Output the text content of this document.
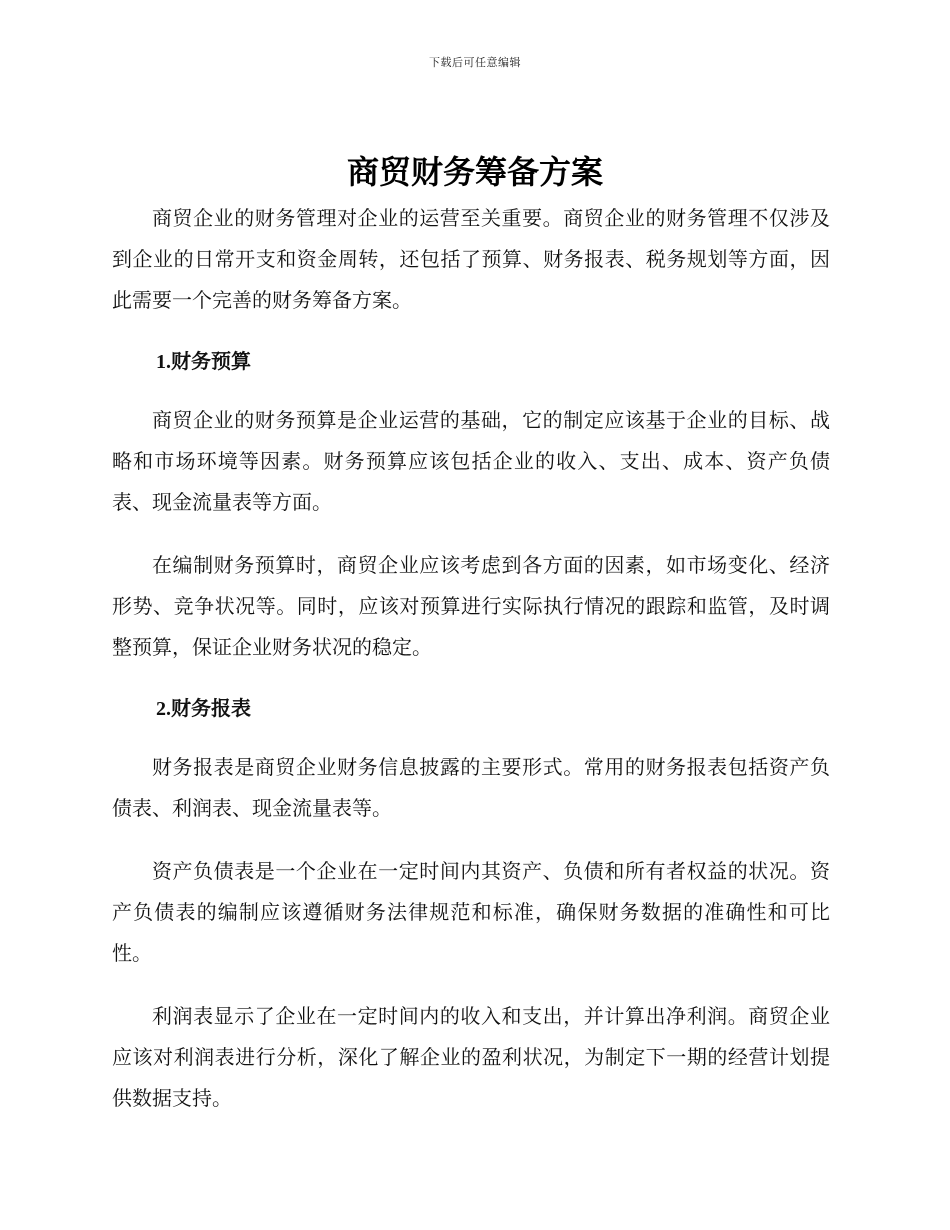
下载后可任意编辑
商贸财务筹备方案

商贸企业的财务管理对企业的运营至关重要。商贸企业的财务管理不仅涉及到企业的日常开支和资金周转，还包括了预算、财务报表、税务规划等方面，因此需要一个完善的财务筹备方案。

1.财务预算

商贸企业的财务预算是企业运营的基础，它的制定应该基于企业的目标、战略和市场环境等因素。财务预算应该包括企业的收入、支出、成本、资产负债表、现金流量表等方面。

在编制财务预算时，商贸企业应该考虑到各方面的因素，如市场变化、经济形势、竞争状况等。同时，应该对预算进行实际执行情况的跟踪和监管，及时调整预算，保证企业财务状况的稳定。

2.财务报表

财务报表是商贸企业财务信息披露的主要形式。常用的财务报表包括资产负债表、利润表、现金流量表等。

资产负债表是一个企业在一定时间内其资产、负债和所有者权益的状况。资产负债表的编制应该遵循财务法律规范和标准，确保财务数据的准确性和可比性。

利润表显示了企业在一定时间内的收入和支出，并计算出净利润。商贸企业应该对利润表进行分析，深化了解企业的盈利状况，为制定下一期的经营计划提供数据支持。
